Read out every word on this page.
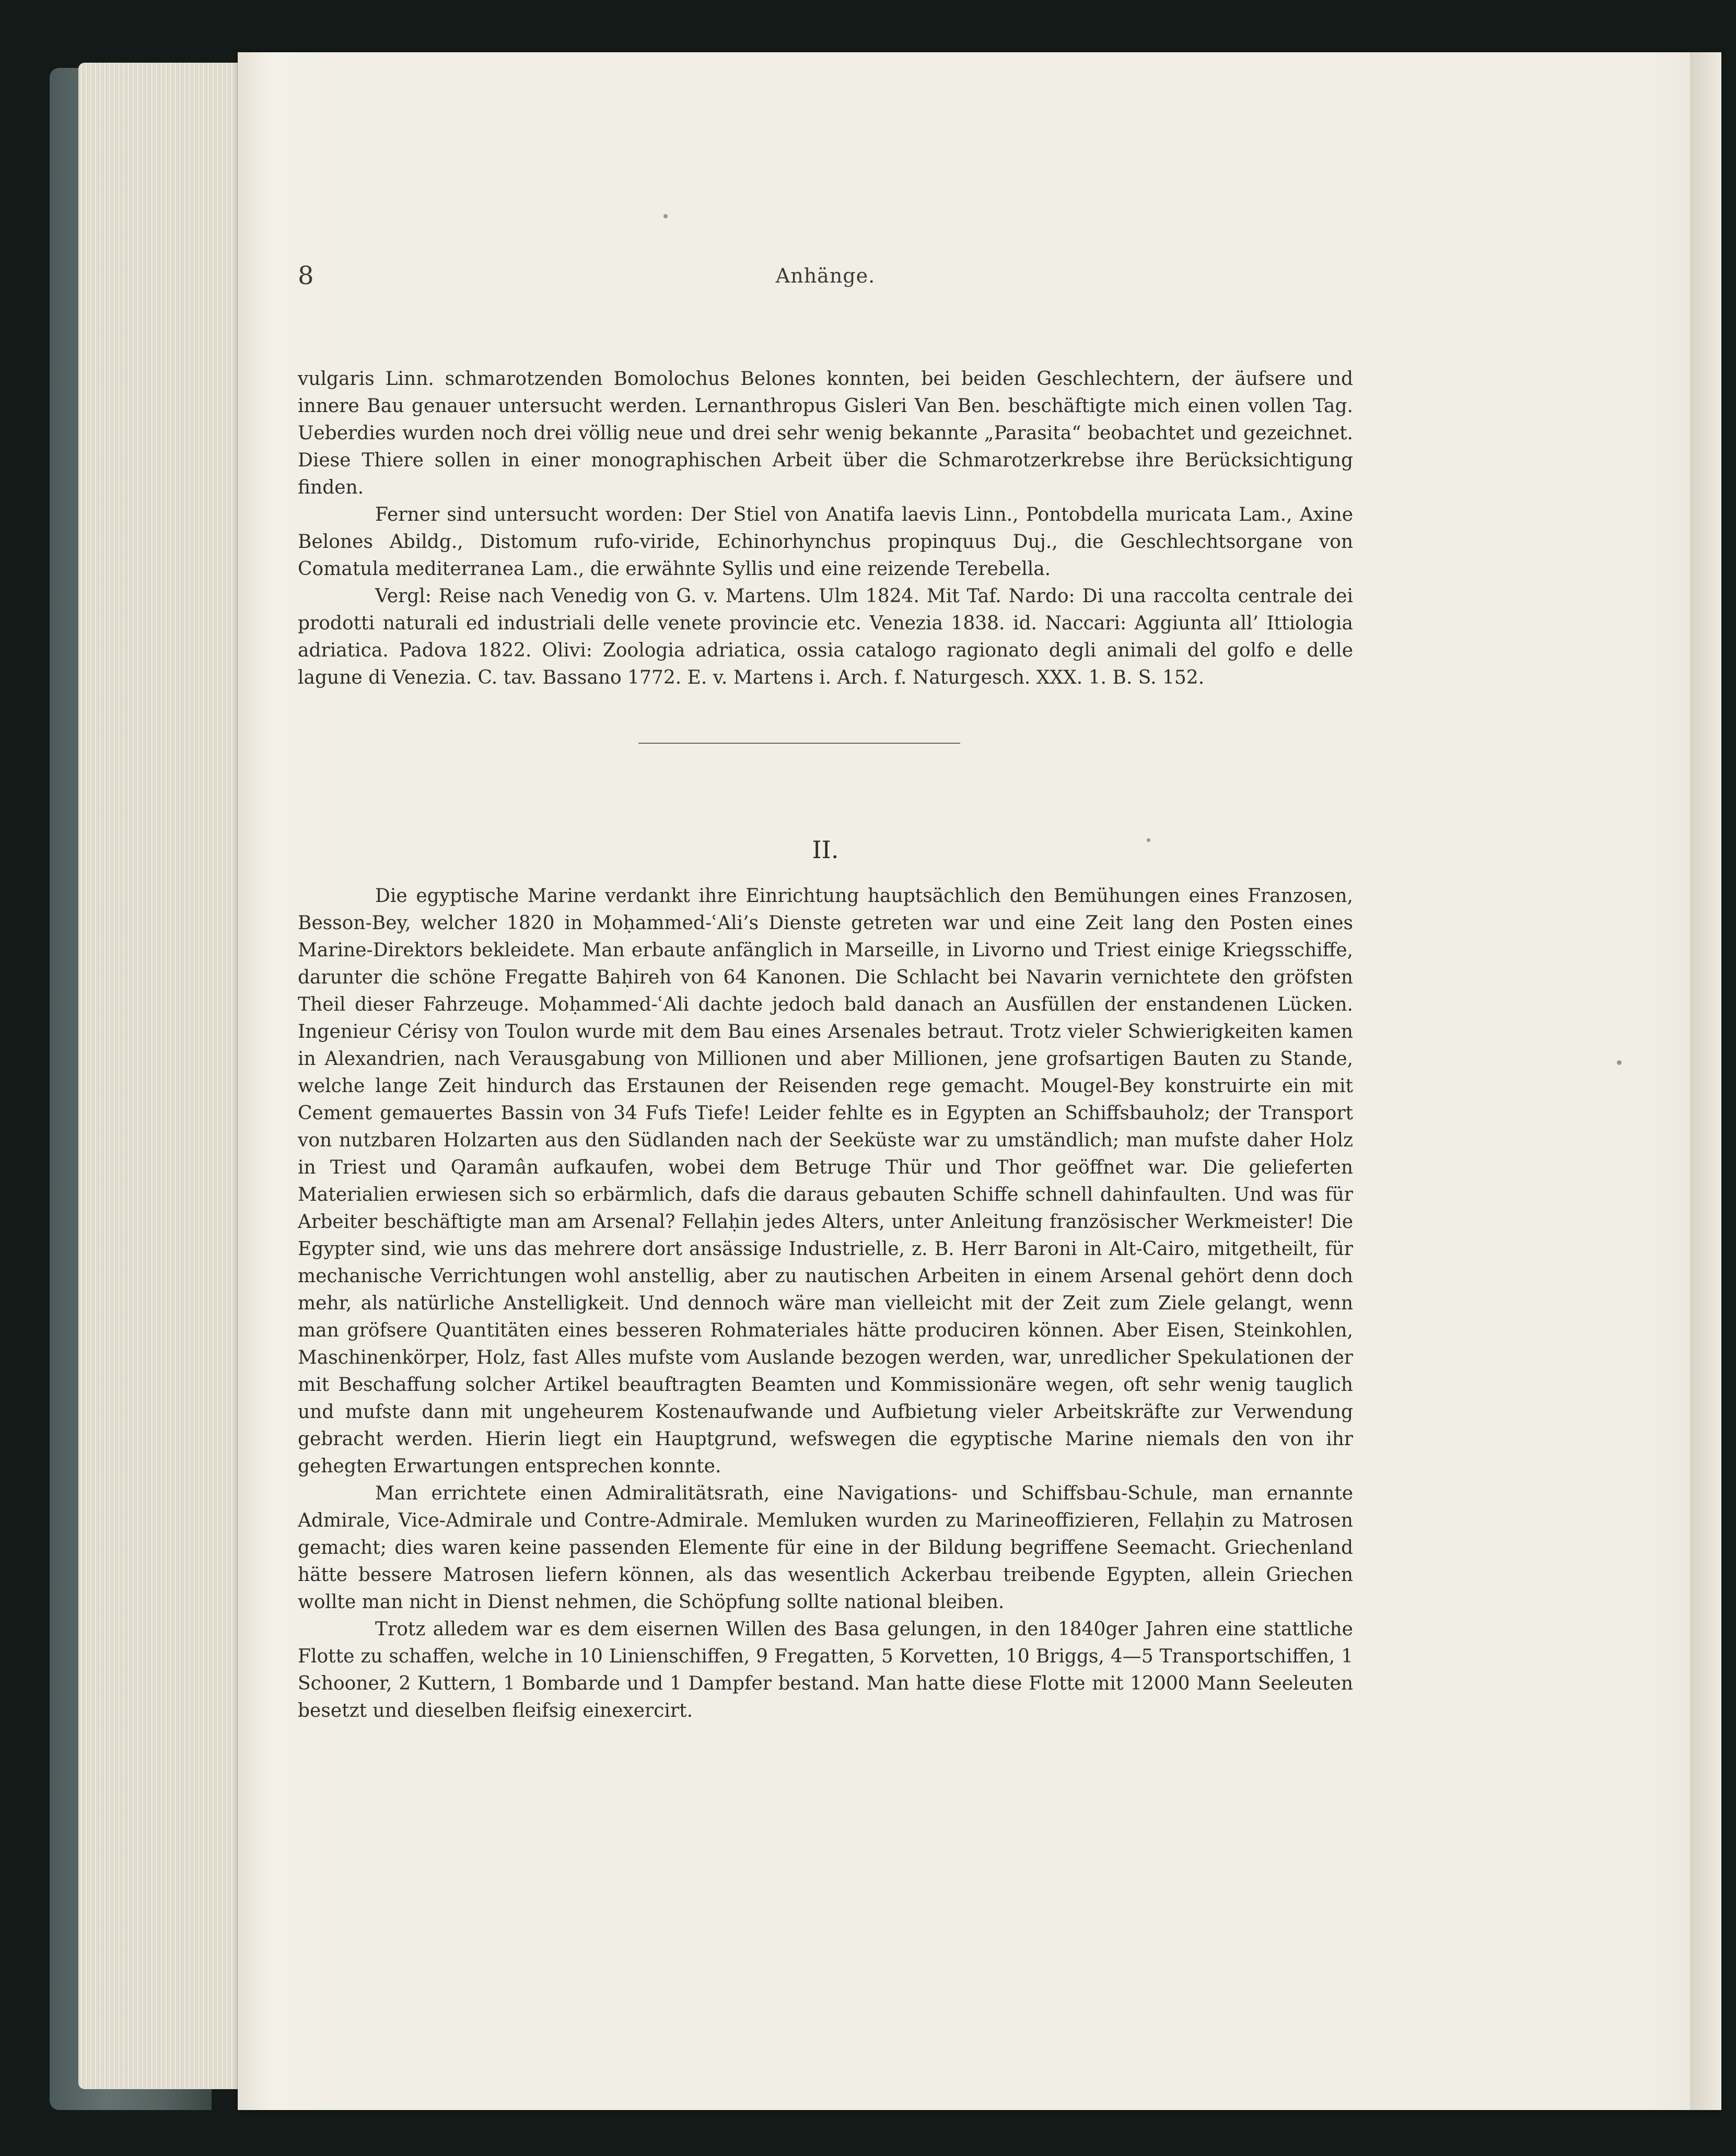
8	Anhänge.

vulgaris Linn. schmarotzenden Bomolochus Belones konnten, bei beiden Geschlechtern, der äufsere und innere Bau genauer untersucht werden. Lernanthropus Gisleri Van Ben. beschäftigte mich einen vollen Tag. Ueberdies wurden noch drei völlig neue und drei sehr wenig bekannte „Parasita“ beobachtet und gezeichnet. Diese Thiere sollen in einer monographischen Arbeit über die Schmarotzerkrebse ihre Berücksichtigung finden.

Ferner sind untersucht worden: Der Stiel von Anatifa laevis Linn., Pontobdella muricata Lam., Axine Belones Abildg., Distomum rufo-viride, Echinorhynchus propinquus Duj., die Geschlechtsorgane von Comatula mediterranea Lam., die erwähnte Syllis und eine reizende Terebella.

Vergl: Reise nach Venedig von G. v. Martens. Ulm 1824. Mit Taf. Nardo: Di una raccolta centrale dei prodotti naturali ed industriali delle venete provincie etc. Venezia 1838. id. Naccari: Aggiunta all’ Ittiologia adriatica. Padova 1822. Olivi: Zoologia adriatica, ossia catalogo ragionato degli animali del golfo e delle lagune di Venezia. C. tav. Bassano 1772. E. v. Martens i. Arch. f. Naturgesch. XXX. 1. B. S. 152.

II.

Die egyptische Marine verdankt ihre Einrichtung hauptsächlich den Bemühungen eines Franzosen, Besson-Bey, welcher 1820 in Moḥammed-ʿAli’s Dienste getreten war und eine Zeit lang den Posten eines Marine-Direktors bekleidete. Man erbaute anfänglich in Marseille, in Livorno und Triest einige Kriegsschiffe, darunter die schöne Fregatte Baḥireh von 64 Kanonen. Die Schlacht bei Navarin vernichtete den gröfsten Theil dieser Fahrzeuge. Moḥammed-ʿAli dachte jedoch bald danach an Ausfüllen der enstandenen Lücken. Ingenieur Cérisy von Toulon wurde mit dem Bau eines Arsenales betraut. Trotz vieler Schwierigkeiten kamen in Alexandrien, nach Verausgabung von Millionen und aber Millionen, jene grofsartigen Bauten zu Stande, welche lange Zeit hindurch das Erstaunen der Reisenden rege gemacht. Mougel-Bey konstruirte ein mit Cement gemauertes Bassin von 34 Fufs Tiefe! Leider fehlte es in Egypten an Schiffsbauholz; der Transport von nutzbaren Holzarten aus den Südlanden nach der Seeküste war zu umständlich; man mufste daher Holz in Triest und Qaramân aufkaufen, wobei dem Betruge Thür und Thor geöffnet war. Die gelieferten Materialien erwiesen sich so erbärmlich, dafs die daraus gebauten Schiffe schnell dahinfaulten. Und was für Arbeiter beschäftigte man am Arsenal? Fellaḥin jedes Alters, unter Anleitung französischer Werkmeister! Die Egypter sind, wie uns das mehrere dort ansässige Industrielle, z. B. Herr Baroni in Alt-Cairo, mitgetheilt, für mechanische Verrichtungen wohl anstellig, aber zu nautischen Arbeiten in einem Arsenal gehört denn doch mehr, als natürliche Anstelligkeit. Und dennoch wäre man vielleicht mit der Zeit zum Ziele gelangt, wenn man gröfsere Quantitäten eines besseren Rohmateriales hätte produciren können. Aber Eisen, Steinkohlen, Maschinenkörper, Holz, fast Alles mufste vom Auslande bezogen werden, war, unredlicher Spekulationen der mit Beschaffung solcher Artikel beauftragten Beamten und Kommissionäre wegen, oft sehr wenig tauglich und mufste dann mit ungeheurem Kostenaufwande und Aufbietung vieler Arbeitskräfte zur Verwendung gebracht werden. Hierin liegt ein Hauptgrund, wefswegen die egyptische Marine niemals den von ihr gehegten Erwartungen entsprechen konnte.

Man errichtete einen Admiralitätsrath, eine Navigations- und Schiffsbau-Schule, man ernannte Admirale, Vice-Admirale und Contre-Admirale. Memluken wurden zu Marineoffizieren, Fellaḥin zu Matrosen gemacht; dies waren keine passenden Elemente für eine in der Bildung begriffene Seemacht. Griechenland hätte bessere Matrosen liefern können, als das wesentlich Ackerbau treibende Egypten, allein Griechen wollte man nicht in Dienst nehmen, die Schöpfung sollte national bleiben.

Trotz alledem war es dem eisernen Willen des Basa gelungen, in den 1840ger Jahren eine stattliche Flotte zu schaffen, welche in 10 Linienschiffen, 9 Fregatten, 5 Korvetten, 10 Briggs, 4—5 Transportschiffen, 1 Schooner, 2 Kuttern, 1 Bombarde und 1 Dampfer bestand. Man hatte diese Flotte mit 12000 Mann Seeleuten besetzt und dieselben fleifsig einexercirt.
